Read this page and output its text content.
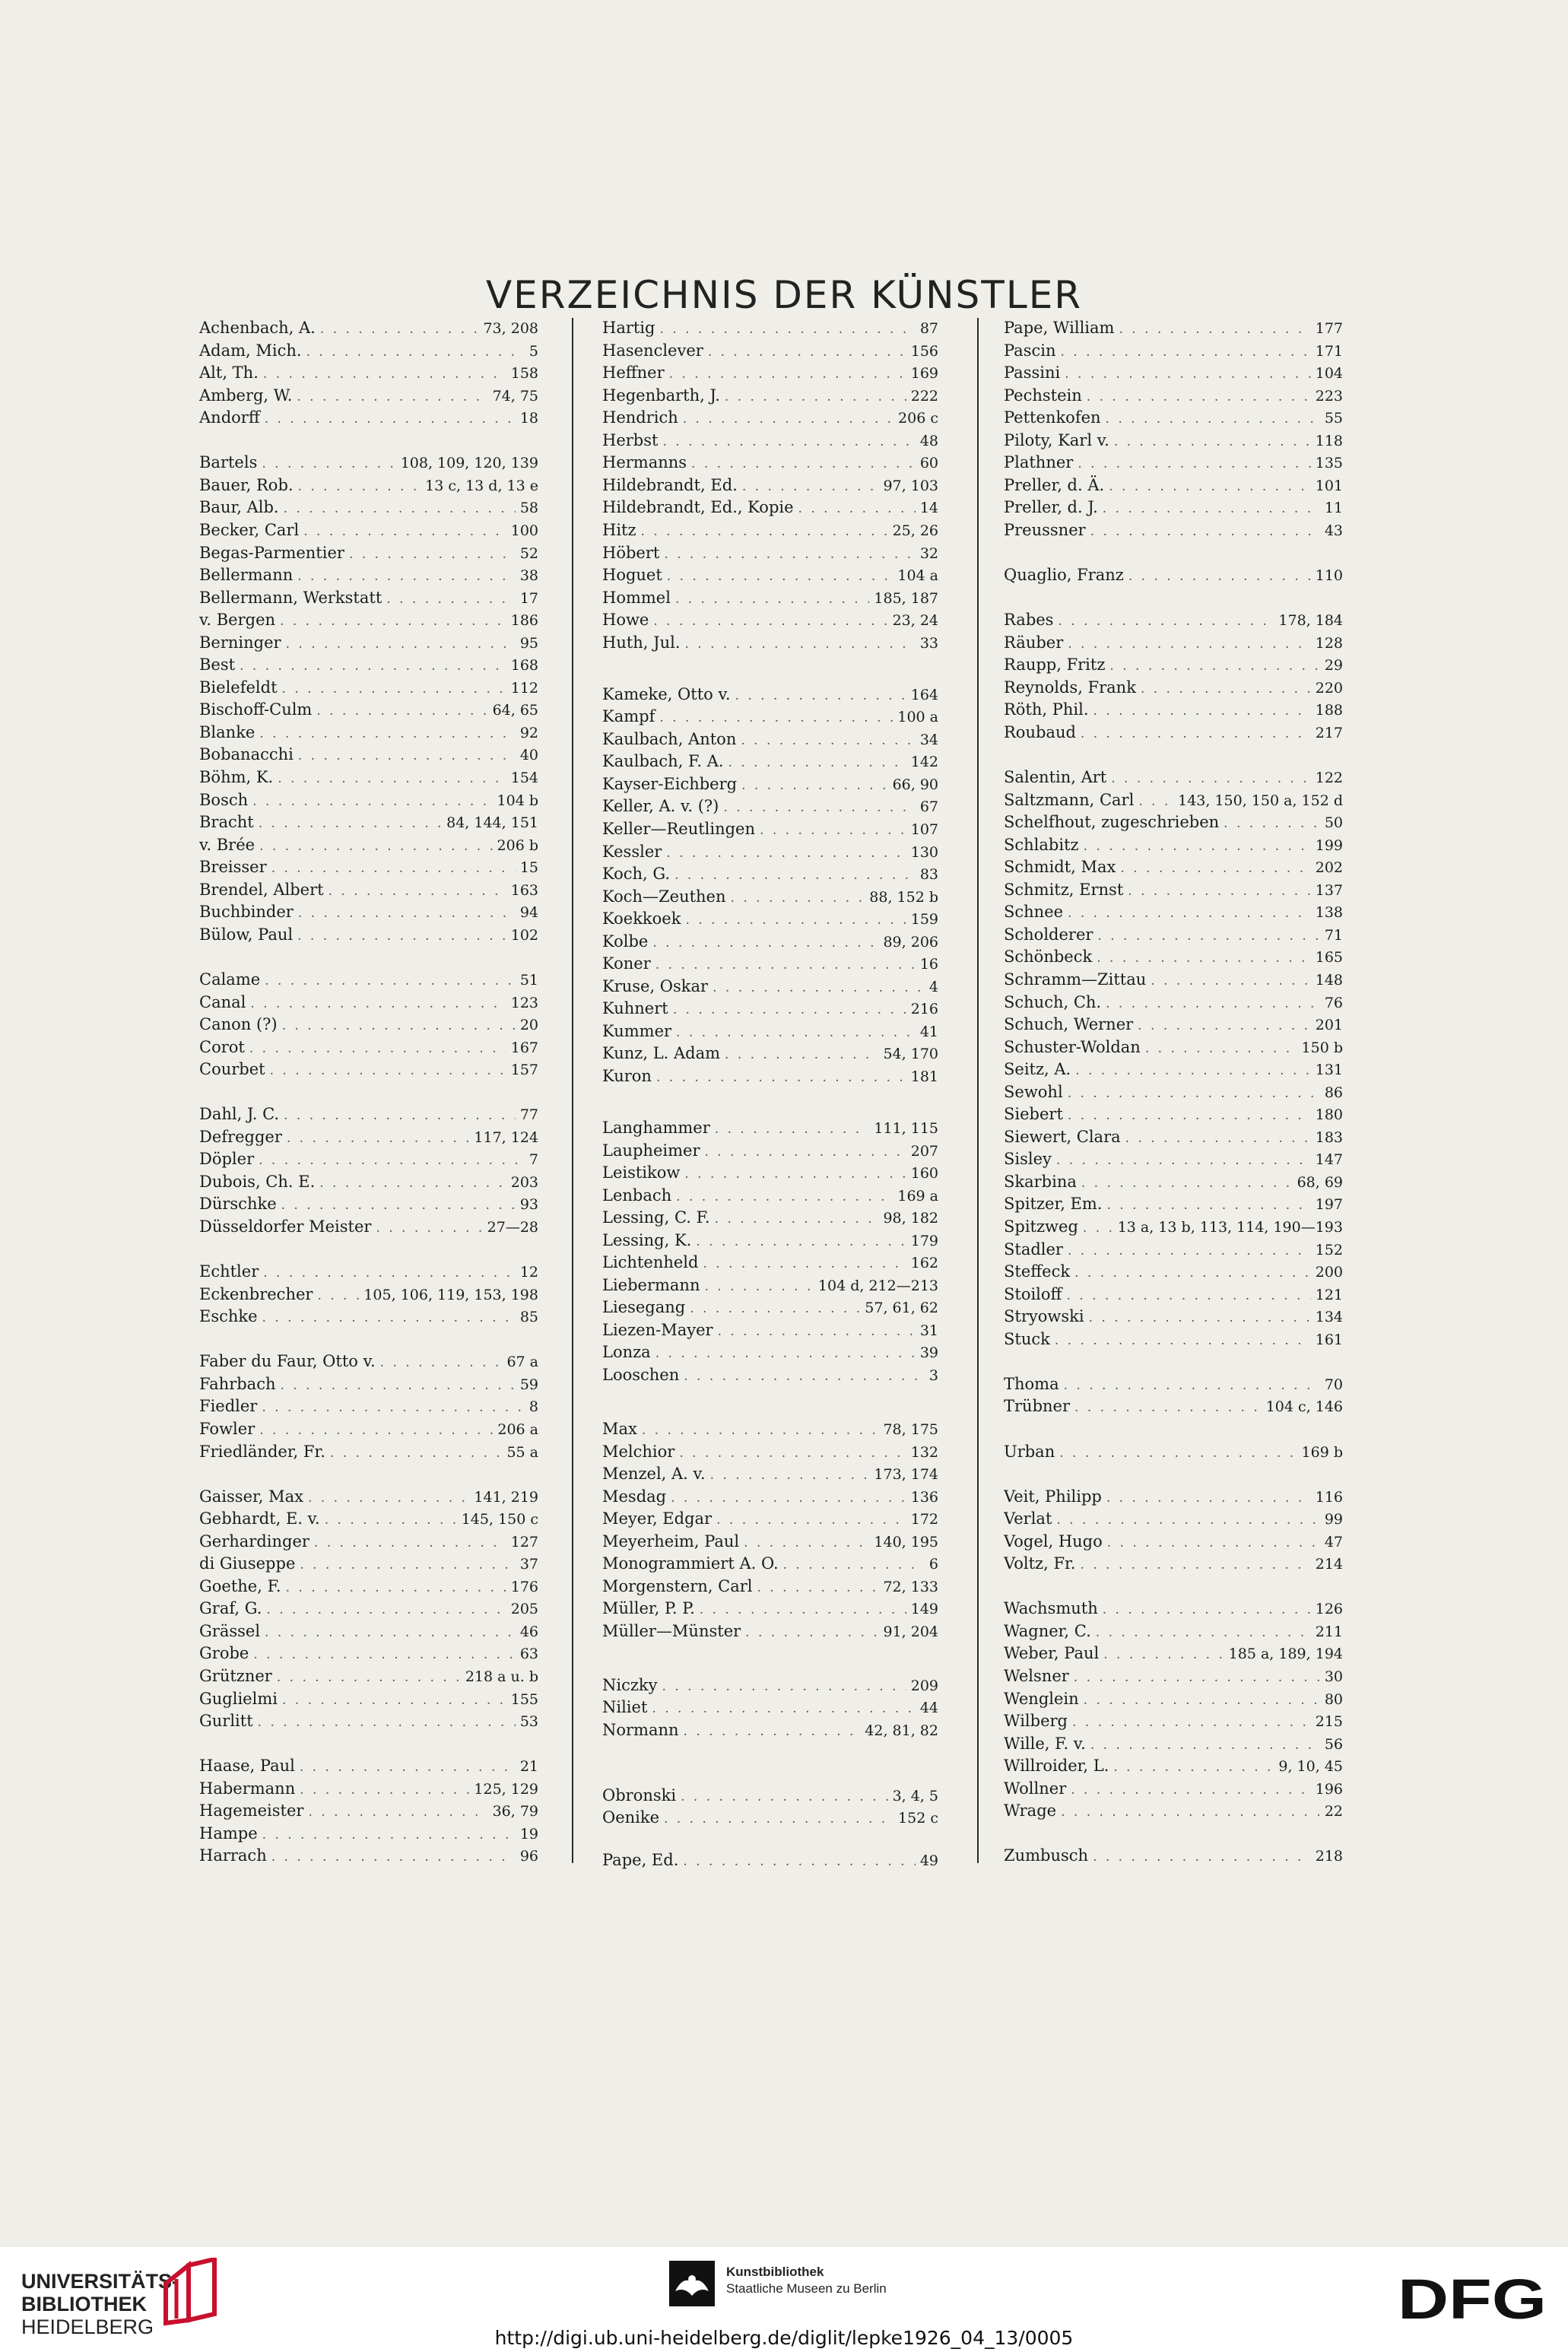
VERZEICHNIS DER KÜNSTLER
Achenbach, A. . . .	73, 208
Adam, Mich. . . .	5
Alt, Th. . . .	158
Amberg, W. . . .	74, 75
Andorff . . .	18
Bartels . . .	108, 109, 120, 139
Bauer, Rob. . . .	13 c, 13 d, 13 e
Baur, Alb. . . .	58
Becker, Carl . . .	100
Begas-Parmentier . . .	52
Bellermann . . .	38
Bellermann, Werkstatt . . .	17
v. Bergen . . .	186
Berninger . . .	95
Best . . .	168
Bielefeldt . . .	112
Bischoff-Culm . . .	64, 65
Blanke . . .	92
Bobanacchi . . .	40
Böhm, K. . . .	154
Bosch . . .	104 b
Bracht . . .	84, 144, 151
v. Brée . . .	206 b
Breisser . . .	15
Brendel, Albert . . .	163
Buchbinder . . .	94
Bülow, Paul . . .	102
Calame . . .	51
Canal . . .	123
Canon (?) . . .	20
Corot . . .	167
Courbet . . .	157
Dahl, J. C. . . .	77
Defregger . . .	117, 124
Döpler . . .	7
Dubois, Ch. E. . . .	203
Dürschke . . .	93
Düsseldorfer Meister . . .	27—28
Echtler . . .	12
Eckenbrecher . . .	105, 106, 119, 153, 198
Eschke . . .	85
Faber du Faur, Otto v. . . .	67 a
Fahrbach . . .	59
Fiedler . . .	8
Fowler . . .	206 a
Friedländer, Fr. . . .	55 a
Gaisser, Max . . .	141, 219
Gebhardt, E. v. . . .	145, 150 c
Gerhardinger . . .	127
di Giuseppe . . .	37
Goethe, F. . . .	176
Graf, G. . . .	205
Grässel . . .	46
Grobe . . .	63
Grützner . . .	218 a u. b
Guglielmi . . .	155
Gurlitt . . .	53
Haase, Paul . . .	21
Habermann . . .	125, 129
Hagemeister . . .	36, 79
Hampe . . .	19
Harrach . . .	96
Hartig . . .	87
Hasenclever . . .	156
Heffner . . .	169
Hegenbarth, J. . . .	222
Hendrich . . .	206 c
Herbst . . .	48
Hermanns . . .	60
Hildebrandt, Ed. . . .	97, 103
Hildebrandt, Ed., Kopie . . .	14
Hitz . . .	25, 26
Höbert . . .	32
Hoguet . . .	104 a
Hommel . . .	185, 187
Howe . . .	23, 24
Huth, Jul. . . .	33
Kameke, Otto v. . . .	164
Kampf . . .	100 a
Kaulbach, Anton . . .	34
Kaulbach, F. A. . . .	142
Kayser-Eichberg . . .	66, 90
Keller, A. v. (?) . . .	67
Keller—Reutlingen . . .	107
Kessler . . .	130
Koch, G. . . .	83
Koch—Zeuthen . . .	88, 152 b
Koekkoek . . .	159
Kolbe . . .	89, 206
Koner . . .	16
Kruse, Oskar . . .	4
Kuhnert . . .	216
Kummer . . .	41
Kunz, L. Adam . . .	54, 170
Kuron . . .	181
Langhammer . . .	111, 115
Laupheimer . . .	207
Leistikow . . .	160
Lenbach . . .	169 a
Lessing, C. F. . . .	98, 182
Lessing, K. . . .	179
Lichtenheld . . .	162
Liebermann . . .	104 d, 212—213
Liesegang . . .	57, 61, 62
Liezen-Mayer . . .	31
Lonza . . .	39
Looschen . . .	3
Max . . .	78, 175
Melchior . . .	132
Menzel, A. v. . . .	173, 174
Mesdag . . .	136
Meyer, Edgar . . .	172
Meyerheim, Paul . . .	140, 195
Monogrammiert A. O. . . .	6
Morgenstern, Carl . . .	72, 133
Müller, P. P. . . .	149
Müller—Münster . . .	91, 204
Niczky . . .	209
Niliet . . .	44
Normann . . .	42, 81, 82
Obronski . . .	3, 4, 5
Oenike . . .	152 c
Pape, Ed. . . .	49
Pape, William . . .	177
Pascin . . .	171
Passini . . .	104
Pechstein . . .	223
Pettenkofen . . .	55
Piloty, Karl v. . . .	118
Plathner . . .	135
Preller, d. Ä. . . .	101
Preller, d. J. . . .	11
Preussner . . .	43
Quaglio, Franz . . .	110
Rabes . . .	178, 184
Räuber . . .	128
Raupp, Fritz . . .	29
Reynolds, Frank . . .	220
Röth, Phil. . . .	188
Roubaud . . .	217
Salentin, Art . . .	122
Saltzmann, Carl . . .	143, 150, 150 a, 152 d
Schelfhout, zugeschrieben . . .	50
Schlabitz . . .	199
Schmidt, Max . . .	202
Schmitz, Ernst . . .	137
Schnee . . .	138
Scholderer . . .	71
Schönbeck . . .	165
Schramm—Zittau . . .	148
Schuch, Ch. . . .	76
Schuch, Werner . . .	201
Schuster-Woldan . . .	150 b
Seitz, A. . . .	131
Sewohl . . .	86
Siebert . . .	180
Siewert, Clara . . .	183
Sisley . . .	147
Skarbina . . .	68, 69
Spitzer, Em. . . .	197
Spitzweg . . .	13 a, 13 b, 113, 114, 190—193
Stadler . . .	152
Steffeck . . .	200
Stoiloff . . .	121
Stryowski . . .	134
Stuck . . .	161
Thoma . . .	70
Trübner . . .	104 c, 146
Urban . . .	169 b
Veit, Philipp . . .	116
Verlat . . .	99
Vogel, Hugo . . .	47
Voltz, Fr. . . .	214
Wachsmuth . . .	126
Wagner, C. . . .	211
Weber, Paul . . .	185 a, 189, 194
Welsner . . .	30
Wenglein . . .	80
Wilberg . . .	215
Wille, F. v. . . .	56
Willroider, L. . . .	9, 10, 45
Wollner . . .	196
Wrage . . .	22
Zumbusch . . .	218
UNIVERSITÄTS-
BIBLIOTHEK
HEIDELBERG
Kunstbibliothek
Staatliche Museen zu Berlin	DFG
http://digi.ub.uni-heidelberg.de/diglit/lepke1926_04_13/0005
